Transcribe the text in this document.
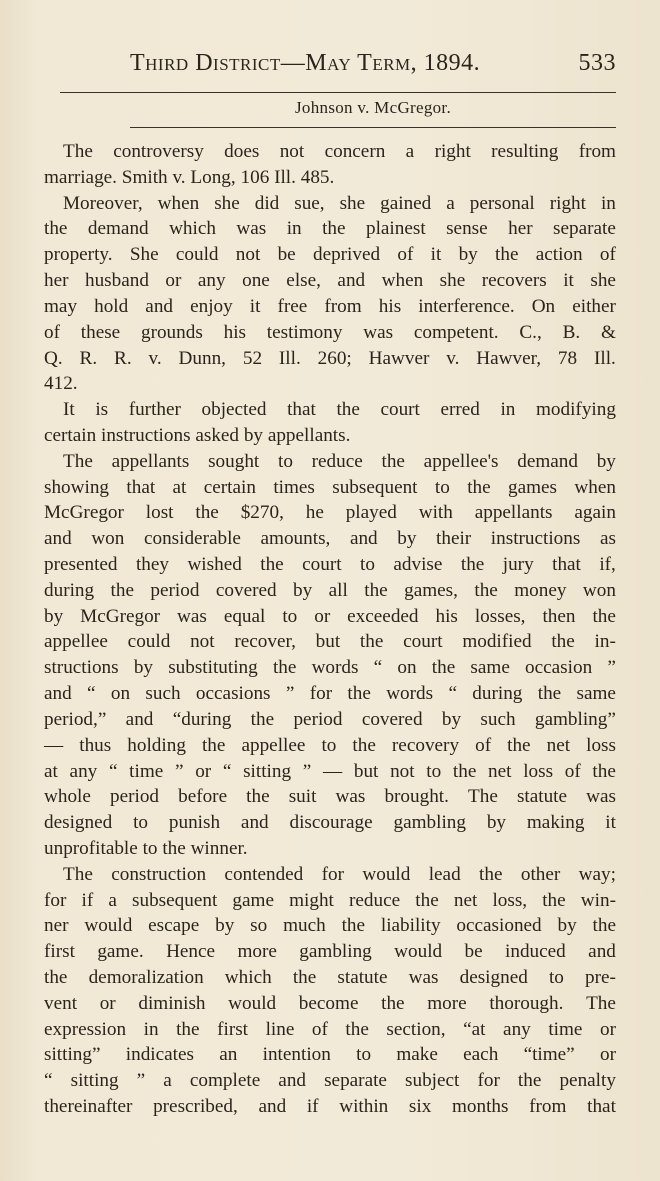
Third District—May Term, 1894.	533
Johnson v. McGregor.
The controversy does not concern a right resulting from
marriage. Smith v. Long, 106 Ill. 485.
Moreover, when she did sue, she gained a personal right in
the demand which was in the plainest sense her separate
property. She could not be deprived of it by the action of
her husband or any one else, and when she recovers it she
may hold and enjoy it free from his interference. On either
of these grounds his testimony was competent. C., B. &
Q. R. R. v. Dunn, 52 Ill. 260; Hawver v. Hawver, 78 Ill.
412.
It is further objected that the court erred in modifying
certain instructions asked by appellants.
The appellants sought to reduce the appellee's demand by
showing that at certain times subsequent to the games when
McGregor lost the $270, he played with appellants again
and won considerable amounts, and by their instructions as
presented they wished the court to advise the jury that if,
during the period covered by all the games, the money won
by McGregor was equal to or exceeded his losses, then the
appellee could not recover, but the court modified the in-
structions by substituting the words “ on the same occasion ”
and “ on such occasions ” for the words “ during the same
period,” and “during the period covered by such gambling”
— thus holding the appellee to the recovery of the net loss
at any “ time ” or “ sitting ” — but not to the net loss of the
whole period before the suit was brought. The statute was
designed to punish and discourage gambling by making it
unprofitable to the winner.
The construction contended for would lead the other way;
for if a subsequent game might reduce the net loss, the win-
ner would escape by so much the liability occasioned by the
first game. Hence more gambling would be induced and
the demoralization which the statute was designed to pre-
vent or diminish would become the more thorough. The
expression in the first line of the section, “at any time or
sitting” indicates an intention to make each “time” or
“ sitting ” a complete and separate subject for the penalty
thereinafter prescribed, and if within six months from that
